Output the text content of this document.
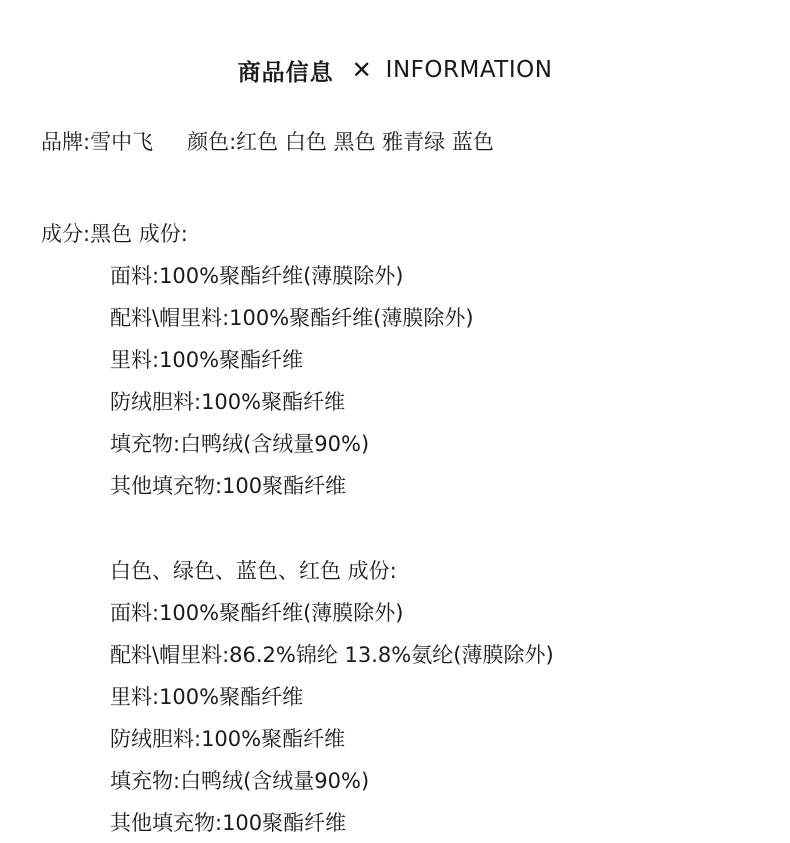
商品信息 ✕ INFORMATION
品牌:雪中飞 颜色:红色 白色 黑色 雅青绿 蓝色
成分:黑色 成份:
面料:100%聚酯纤维(薄膜除外)
配料\帽里料:100%聚酯纤维(薄膜除外)
里料:100%聚酯纤维
防绒胆料:100%聚酯纤维
填充物:白鸭绒(含绒量90%)
其他填充物:100聚酯纤维
白色、绿色、蓝色、红色 成份:
面料:100%聚酯纤维(薄膜除外)
配料\帽里料:86.2%锦纶 13.8%氨纶(薄膜除外)
里料:100%聚酯纤维
防绒胆料:100%聚酯纤维
填充物:白鸭绒(含绒量90%)
其他填充物:100聚酯纤维
